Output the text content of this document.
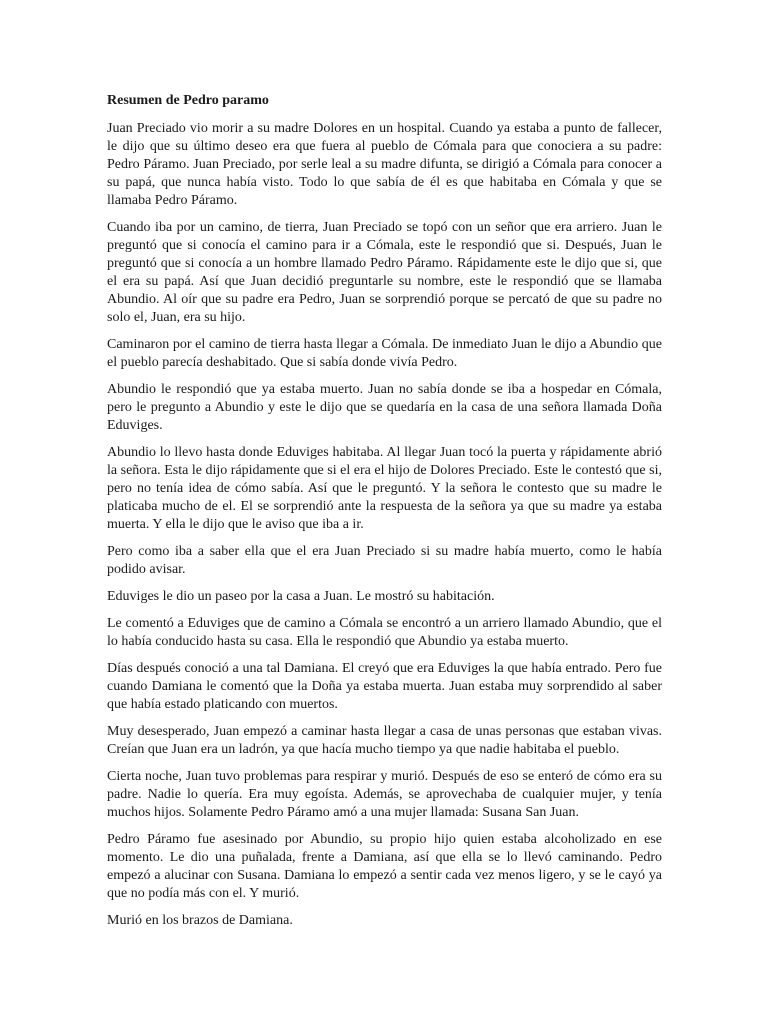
Resumen de Pedro paramo

Juan Preciado vio morir a su madre Dolores en un hospital. Cuando ya estaba a punto de fallecer, le dijo que su último deseo era que fuera al pueblo de Cómala para que conociera a su padre: Pedro Páramo. Juan Preciado, por serle leal a su madre difunta, se dirigió a Cómala para conocer a su papá, que nunca había visto. Todo lo que sabía de él es que habitaba en Cómala y que se llamaba Pedro Páramo.

Cuando iba por un camino, de tierra, Juan Preciado se topó con un señor que era arriero. Juan le preguntó que si conocía el camino para ir a Cómala, este le respondió que si. Después, Juan le preguntó que si conocía a un hombre llamado Pedro Páramo. Rápidamente este le dijo que si, que el era su papá. Así que Juan decidió preguntarle su nombre, este le respondió que se llamaba Abundio. Al oír que su padre era Pedro, Juan se sorprendió porque se percató de que su padre no solo el, Juan, era su hijo.

Caminaron por el camino de tierra hasta llegar a Cómala. De inmediato Juan le dijo a Abundio que el pueblo parecía deshabitado. Que si sabía donde vivía Pedro.

Abundio le respondió que ya estaba muerto. Juan no sabía donde se iba a hospedar en Cómala, pero le pregunto a Abundio y este le dijo que se quedaría en la casa de una señora llamada Doña Eduviges.

Abundio lo llevo hasta donde Eduviges habitaba. Al llegar Juan tocó la puerta y rápidamente abrió la señora. Esta le dijo rápidamente que si el era el hijo de Dolores Preciado. Este le contestó que si, pero no tenía idea de cómo sabía. Así que le preguntó. Y la señora le contesto que su madre le platicaba mucho de el. El se sorprendió ante la respuesta de la señora ya que su madre ya estaba muerta. Y ella le dijo que le aviso que iba a ir.

Pero como iba a saber ella que el era Juan Preciado si su madre había muerto, como le había podido avisar.

Eduviges le dio un paseo por la casa a Juan. Le mostró su habitación.

Le comentó a Eduviges que de camino a Cómala se encontró a un arriero llamado Abundio, que el lo había conducido hasta su casa. Ella le respondió que Abundio ya estaba muerto.

Días después conoció a una tal Damiana. El creyó que era Eduviges la que había entrado. Pero fue cuando Damiana le comentó que la Doña ya estaba muerta. Juan estaba muy sorprendido al saber que había estado platicando con muertos.

Muy desesperado, Juan empezó a caminar hasta llegar a casa de unas personas que estaban vivas. Creían que Juan era un ladrón, ya que hacía mucho tiempo ya que nadie habitaba el pueblo.

Cierta noche, Juan tuvo problemas para respirar y murió. Después de eso se enteró de cómo era su padre. Nadie lo quería. Era muy egoísta. Además, se aprovechaba de cualquier mujer, y tenía muchos hijos. Solamente Pedro Páramo amó a una mujer llamada: Susana San Juan.

Pedro Páramo fue asesinado por Abundio, su propio hijo quien estaba alcoholizado en ese momento. Le dio una puñalada, frente a Damiana, así que ella se lo llevó caminando. Pedro empezó a alucinar con Susana. Damiana lo empezó a sentir cada vez menos ligero, y se le cayó ya que no podía más con el. Y murió.

Murió en los brazos de Damiana.
